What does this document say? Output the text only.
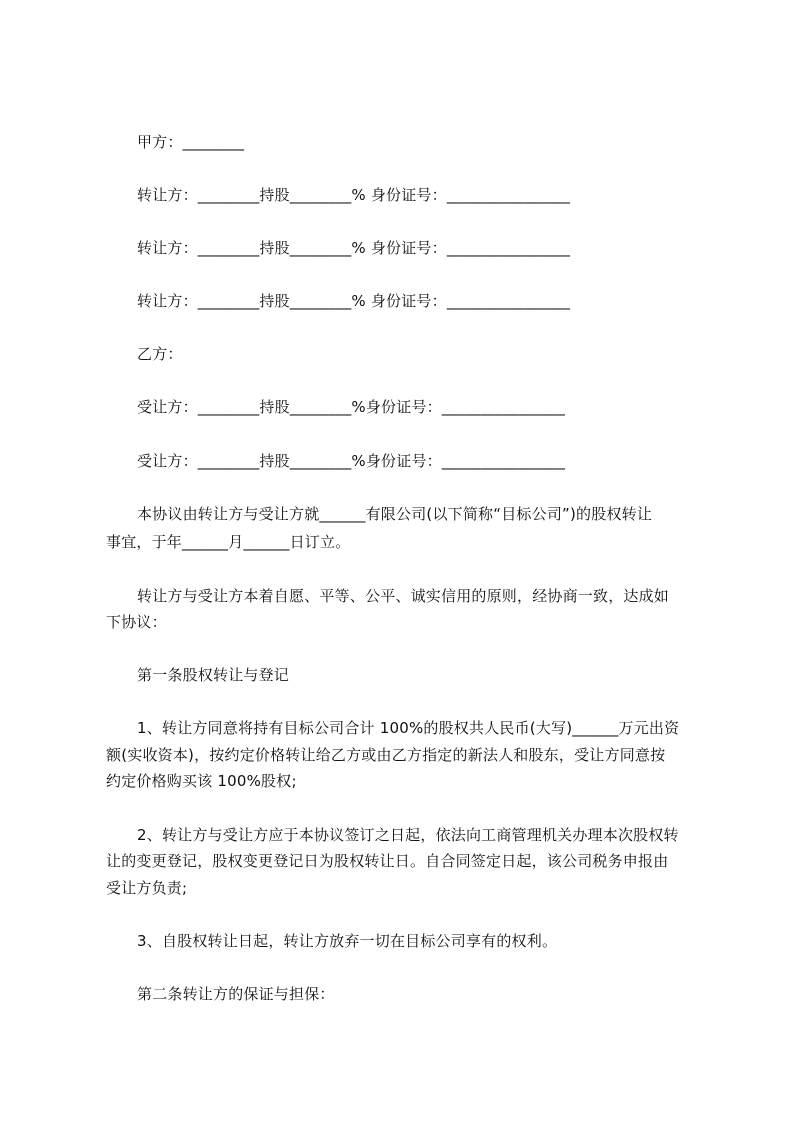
甲方：________
转让方：________持股________% 身份证号：________________
转让方：________持股________% 身份证号：________________
转让方：________持股________% 身份证号：________________
乙方：
受让方：________持股________%身份证号：________________
受让方：________持股________%身份证号：________________
本协议由转让方与受让方就______有限公司(以下简称“目标公司”)的股权转让
事宜，于年______月______日订立。
转让方与受让方本着自愿、平等、公平、诚实信用的原则，经协商一致，达成如
下协议：
第一条股权转让与登记
1、转让方同意将持有目标公司合计 100%的股权共人民币(大写)______万元出资
额(实收资本)，按约定价格转让给乙方或由乙方指定的新法人和股东，受让方同意按
约定价格购买该 100%股权;
2、转让方与受让方应于本协议签订之日起，依法向工商管理机关办理本次股权转
让的变更登记，股权变更登记日为股权转让日。自合同签定日起，该公司税务申报由
受让方负责;
3、自股权转让日起，转让方放弃一切在目标公司享有的权利。
第二条转让方的保证与担保：
